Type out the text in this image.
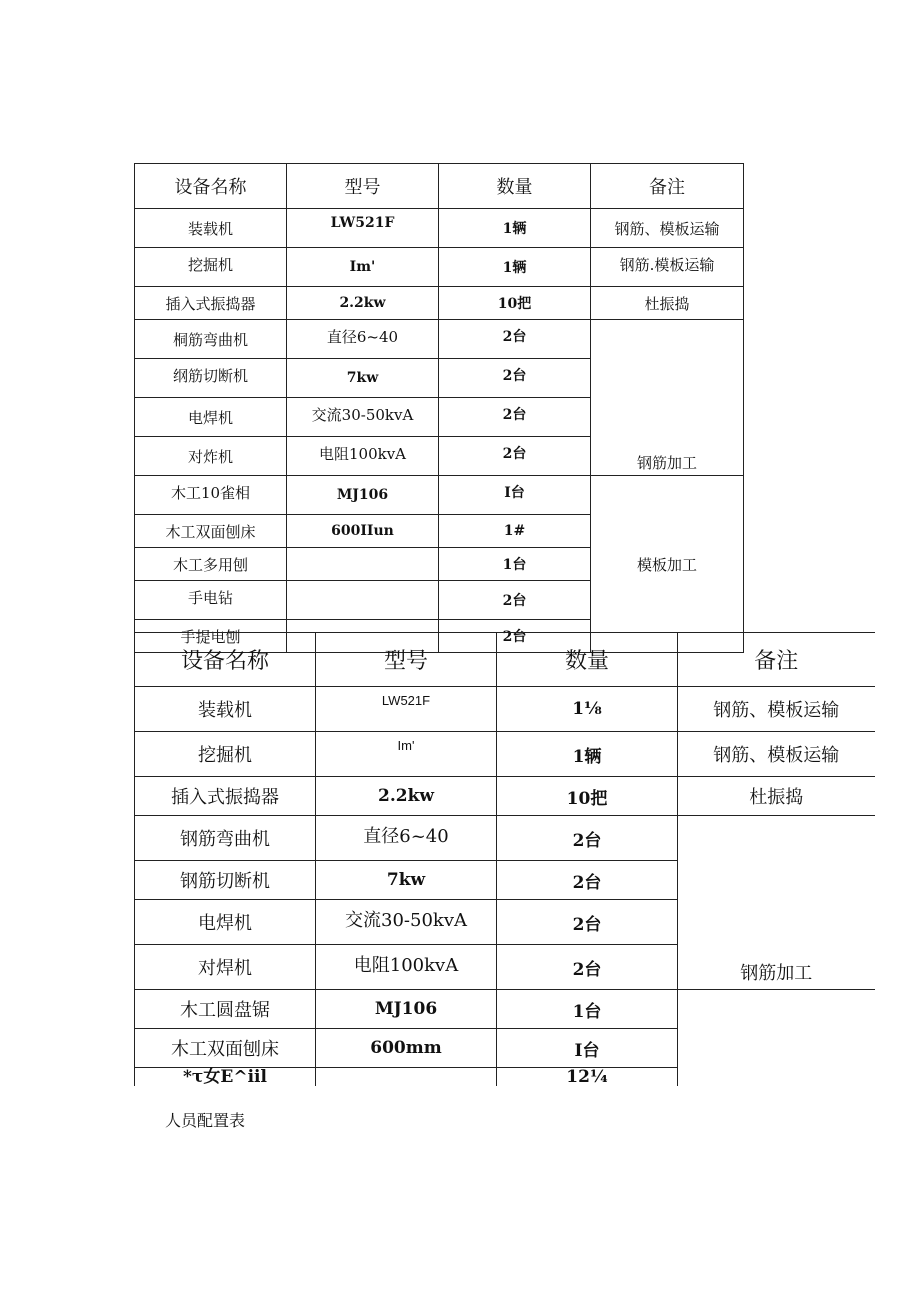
设备名称	型号	数量	备注
装载机	LW521F	1辆	钢筋、模板运输
挖掘机	Im'	1辆	钢筋.模板运输
插入式振捣器	2.2kw	10把	杜振捣
桐筋弯曲机	直径6~40	2台	钢筋加工
纲筋切断机	7kw	2台	
电焊机	交流30-50kvA	2台	
对炸机	电阻100kvA	2台	
木工10雀相	MJ106	I台	模板加工
木工双面刨床	600IIun	1#	
木工多用刨		1台	
手电钻		2台	
手提电刨		2台	
设备名称	型号	数量	备注
装载机	LW521F	1⅛	钢筋、模板运输
挖掘机	Im'	1辆	钢筋、模板运输
插入式振捣器	2.2kw	10把	杜振捣
钢筋弯曲机	直径6~40	2台	钢筋加工
钢筋切断机	7kw	2台	
电焊机	交流30-50kvA	2台	
对焊机	电阻100kvA	2台	
木工圆盘锯	MJ106	1台	
木工双面刨床	600mm	I台	
*τ女E^iil		12¼	
人员配置表
